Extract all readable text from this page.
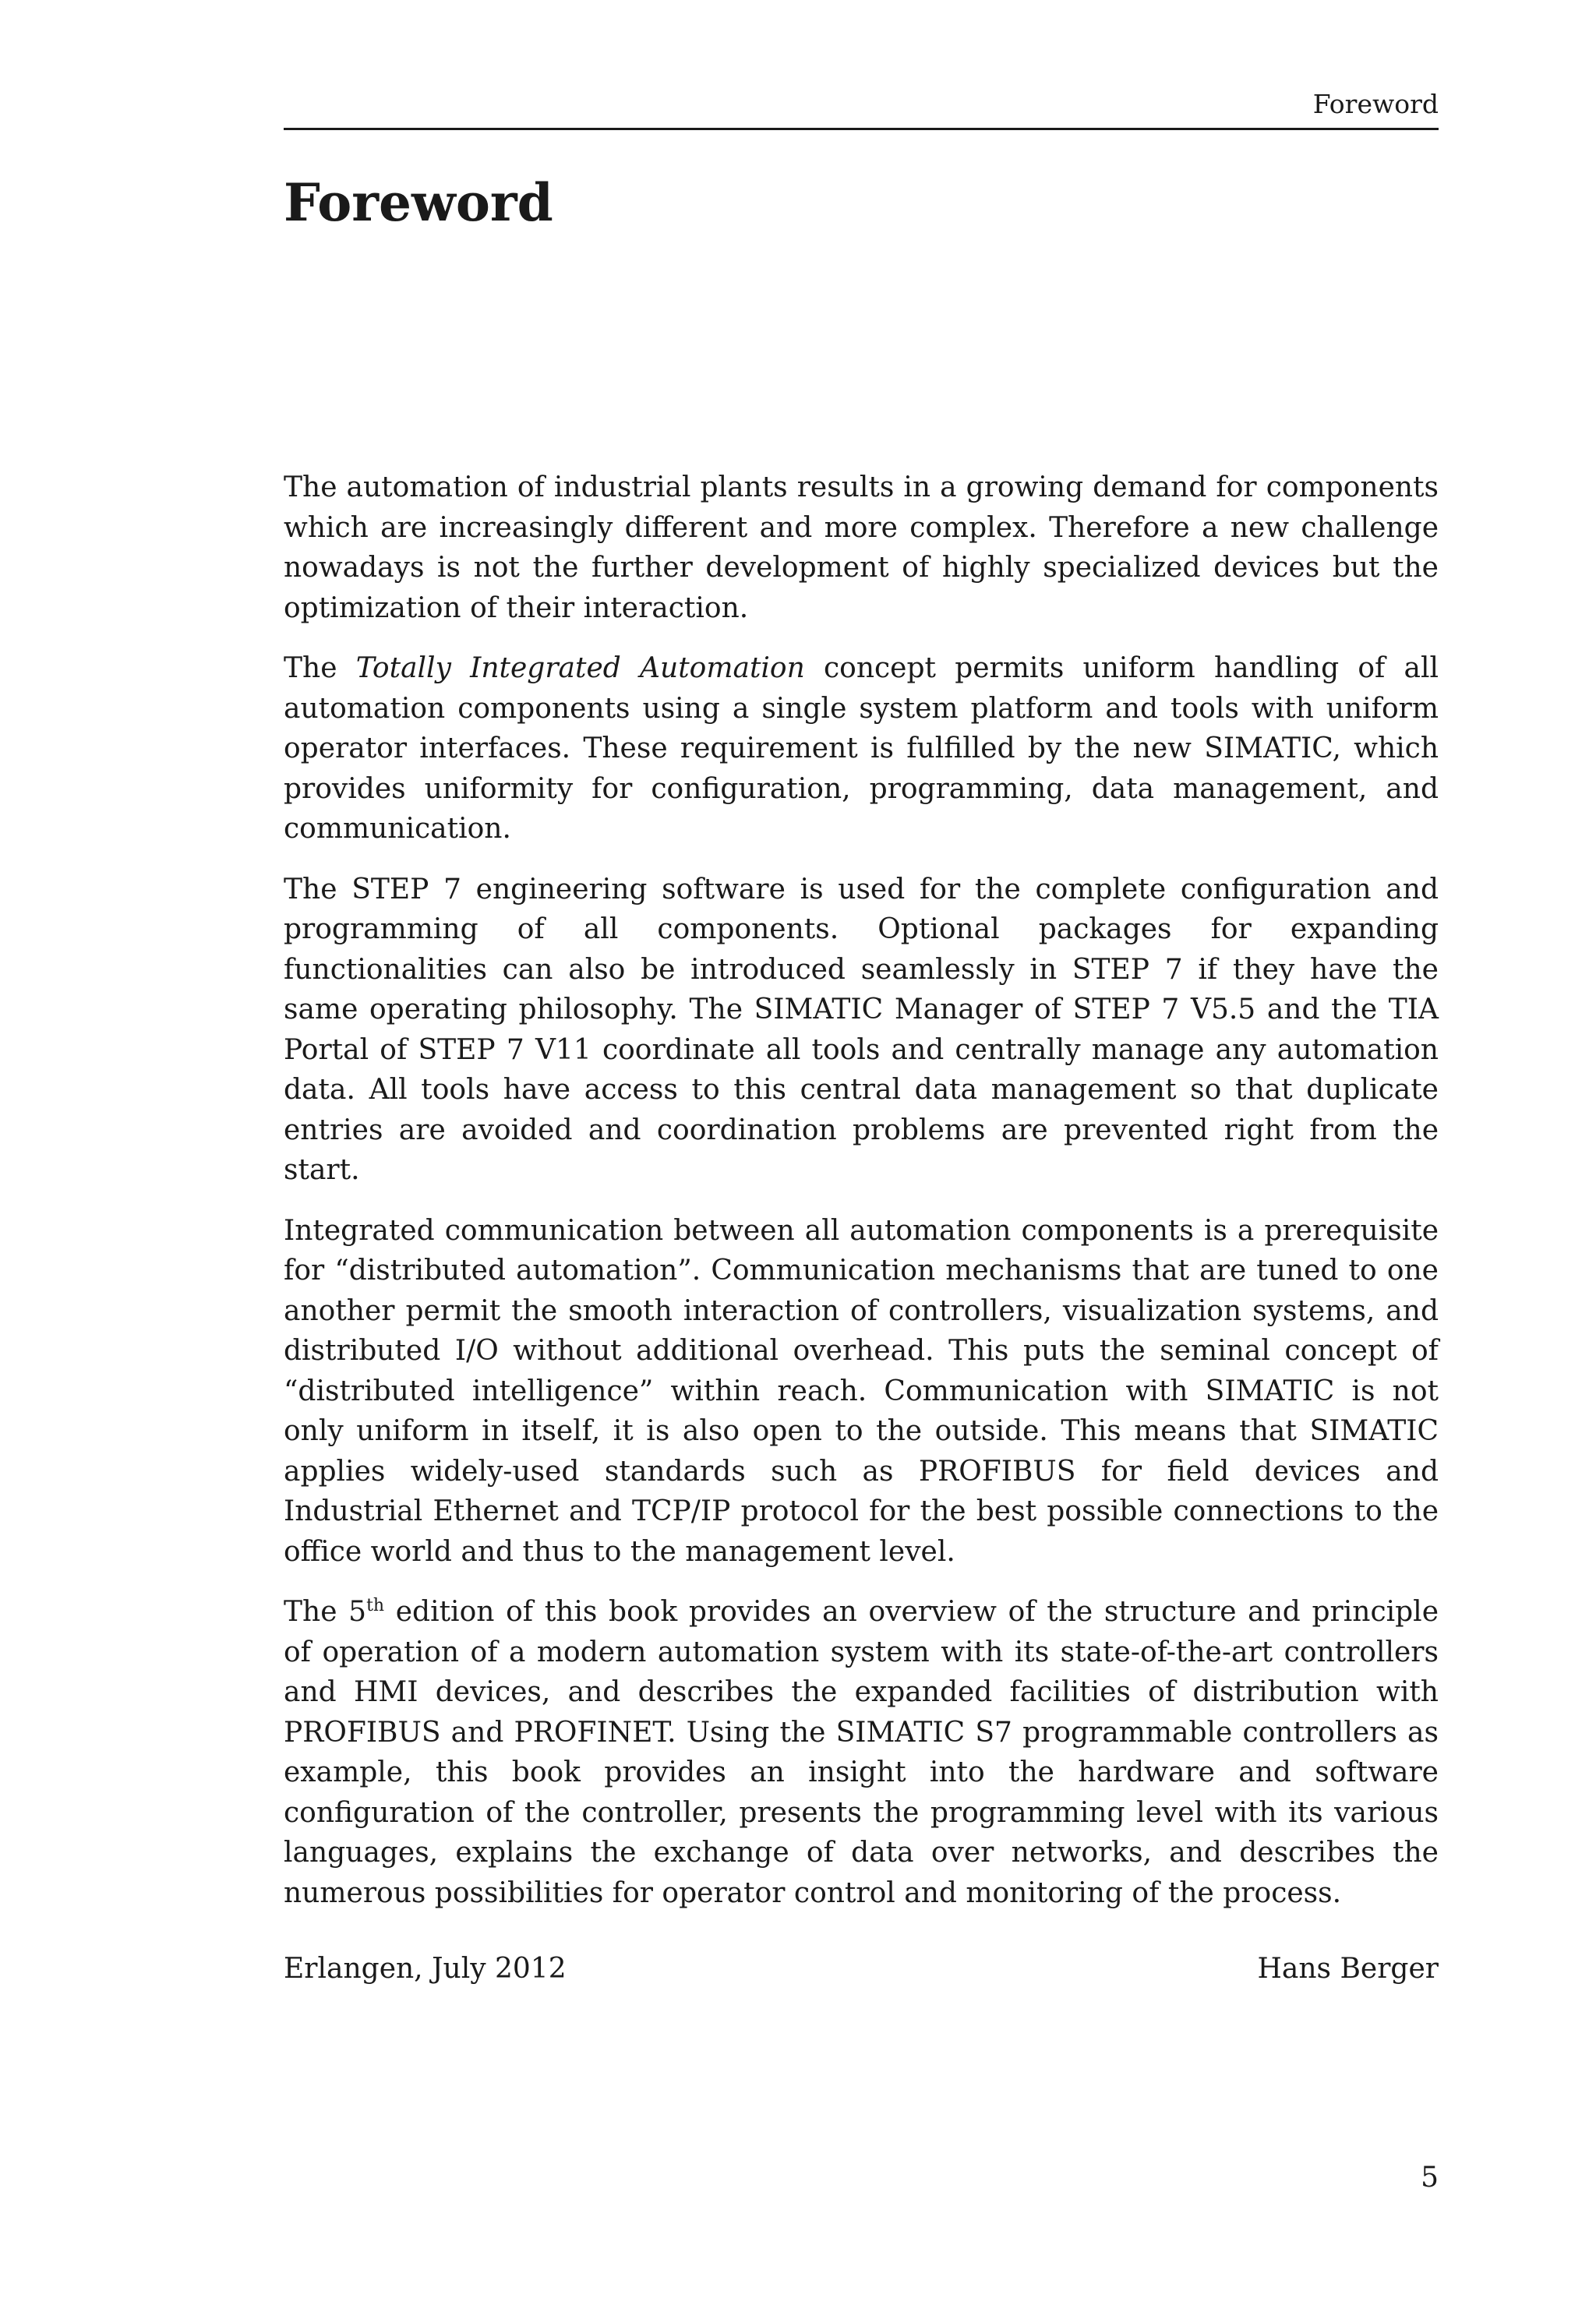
Foreword
Foreword

The automation of industrial plants results in a growing demand for components which are increasingly different and more complex. Therefore a new challenge nowadays is not the further development of highly specialized devices but the optimization of their interaction.

The Totally Integrated Automation concept permits uniform handling of all automation components using a single system platform and tools with uniform operator interfaces. These requirement is fulfilled by the new SIMATIC, which provides uniformity for configuration, programming, data management, and communication.

The STEP 7 engineering software is used for the complete configuration and programming of all components. Optional packages for expanding functionalities can also be introduced seamlessly in STEP 7 if they have the same operating philosophy. The SIMATIC Manager of STEP 7 V5.5 and the TIA Portal of STEP 7 V11 coordinate all tools and centrally manage any automation data. All tools have access to this central data management so that duplicate entries are avoided and coordination problems are prevented right from the start.

Integrated communication between all automation components is a prerequisite for “distributed automation”. Communication mechanisms that are tuned to one another permit the smooth interaction of controllers, visualization systems, and distributed I/O without additional overhead. This puts the seminal concept of “distributed intelligence” within reach. Communication with SIMATIC is not only uniform in itself, it is also open to the outside. This means that SIMATIC applies widely-used standards such as PROFIBUS for field devices and Industrial Ethernet and TCP/IP protocol for the best possible connections to the office world and thus to the management level.

The 5th edition of this book provides an overview of the structure and principle of operation of a modern automation system with its state-of-the-art controllers and HMI devices, and describes the expanded facilities of distribution with PROFIBUS and PROFINET. Using the SIMATIC S7 programmable controllers as example, this book provides an insight into the hardware and software configuration of the controller, presents the programming level with its various languages, explains the exchange of data over networks, and describes the numerous possibilities for operator control and monitoring of the process.

Erlangen, July 2012	Hans Berger
5
